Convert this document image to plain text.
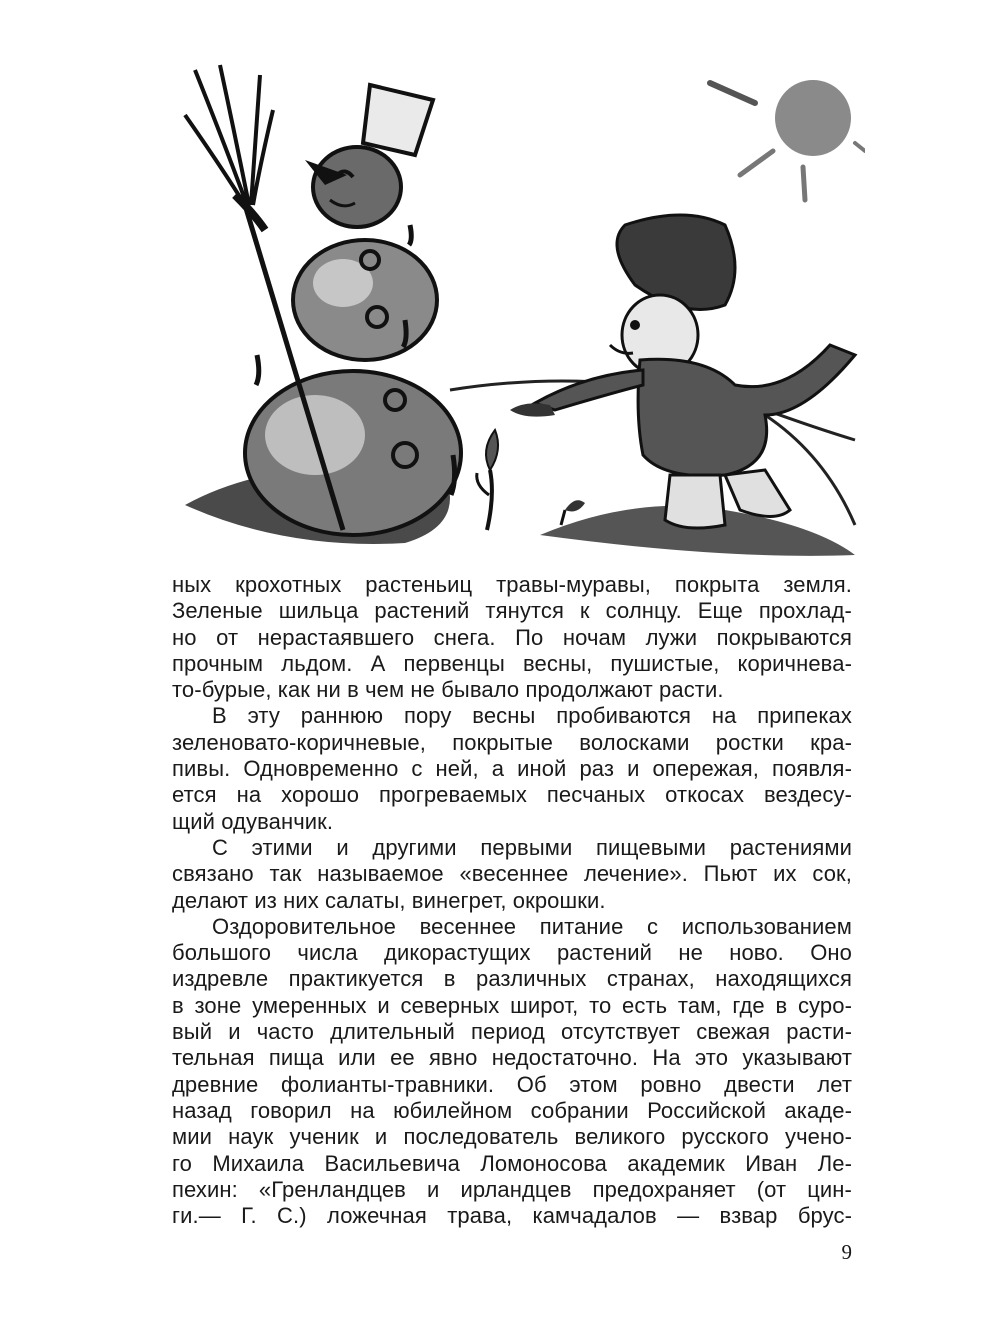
ных крохотных растеньиц травы-муравы, покрыта земля.
Зеленые шильца растений тянутся к солнцу. Еще прохлад-
но от нерастаявшего снега. По ночам лужи покрываются
прочным льдом. А первенцы весны, пушистые, коричнева-
то-бурые, как ни в чем не бывало продолжают расти.
В эту раннюю пору весны пробиваются на припеках
зеленовато-коричневые, покрытые волосками ростки кра-
пивы. Одновременно с ней, а иной раз и опережая, появля-
ется на хорошо прогреваемых песчаных откосах вездесу-
щий одуванчик.
С этими и другими первыми пищевыми растениями
связано так называемое «весеннее лечение». Пьют их сок,
делают из них салаты, винегрет, окрошки.
Оздоровительное весеннее питание с использованием
большого числа дикорастущих растений не ново. Оно
издревле практикуется в различных странах, находящихся
в зоне умеренных и северных широт, то есть там, где в суро-
вый и часто длительный период отсутствует свежая расти-
тельная пища или ее явно недостаточно. На это указывают
древние фолианты-травники. Об этом ровно двести лет
назад говорил на юбилейном собрании Российской акаде-
мии наук ученик и последователь великого русского учено-
го Михаила Васильевича Ломоносова академик Иван Ле-
пехин: «Гренландцев и ирландцев предохраняет (от цин-
ги.— Г. С.) ложечная трава, камчадалов — взвар брус-
9
